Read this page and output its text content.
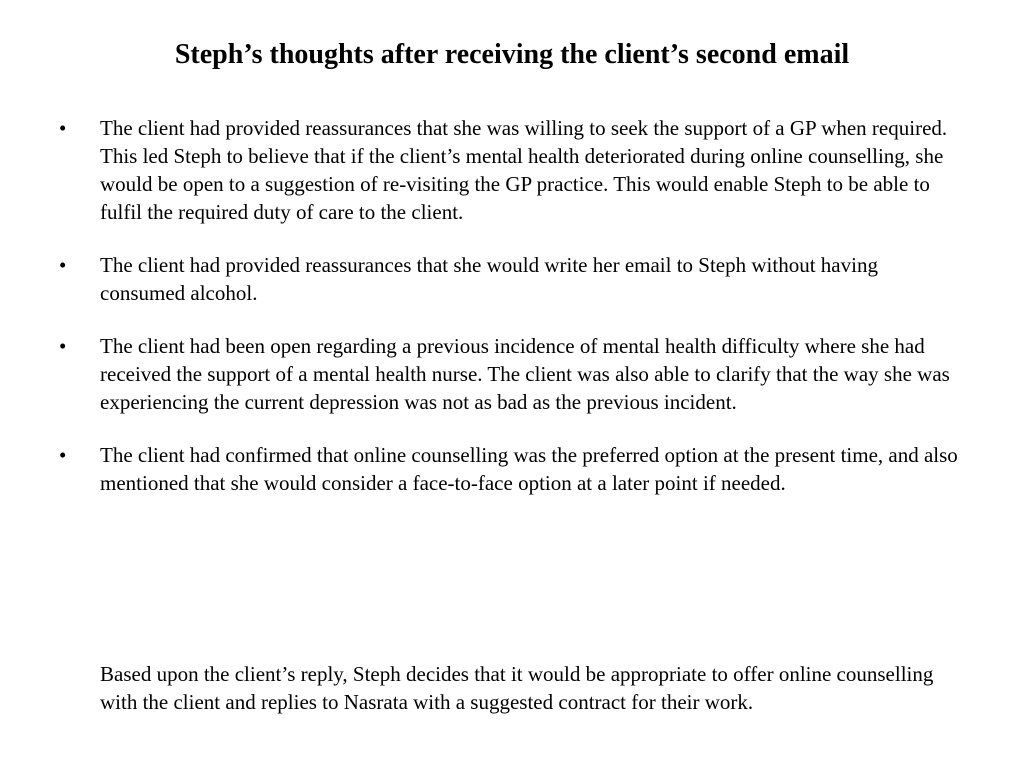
Steph’s thoughts after receiving the client’s second email
•	The client had provided reassurances that she was willing to seek the support of a GP when required. This led Steph to believe that if the client’s mental health deteriorated during online counselling, she would be open to a suggestion of re-visiting the GP practice. This would enable Steph to be able to fulfil the required duty of care to the client.
•	The client had provided reassurances that she would write her email to Steph without having consumed alcohol.
•	The client had been open regarding a previous incidence of mental health difficulty where she had received the support of a mental health nurse. The client was also able to clarify that the way she was experiencing the current depression was not as bad as the previous incident.
•	The client had confirmed that online counselling was the preferred option at the present time, and also mentioned that she would consider a face-to-face option at a later point if needed.

Based upon the client’s reply, Steph decides that it would be appropriate to offer online counselling with the client and replies to Nasrata with a suggested contract for their work.
